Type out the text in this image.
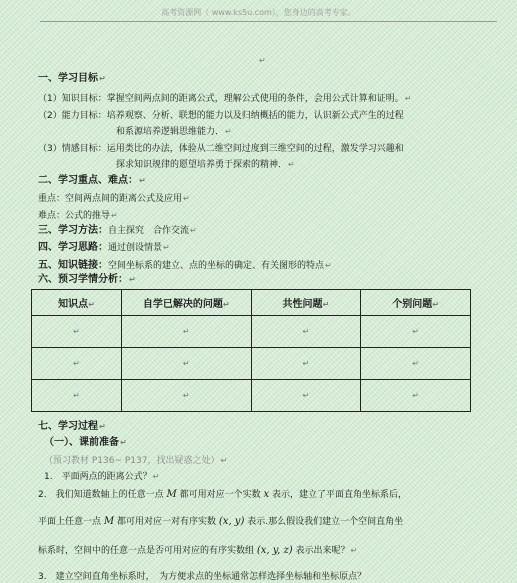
高考资源网（ www.ks5u.com），您身边的高考专家。
↵
一、学习目标↵
（1）知识目标：掌握空间两点间的距离公式，理解公式使用的条件，会用公式计算和证明。↵
（2）能力目标：培养观察、分析、联想的能力以及归纳概括的能力，认识新公式产生的过程
和系源培养逻辑思维能力．↵
（3）情感目标：运用类比的办法，体验从二维空间过度到三维空间的过程，激发学习兴趣和
探求知识规律的愿望培养勇于探索的精神．↵
二、学习重点、难点：↵
重点：空间两点间的距离公式及应用↵
难点：公式的推导↵
三、学习方法：自主探究　合作交流↵
四、学习思路：通过创设情景↵
五、知识链接：空间坐标系的建立、点的坐标的确定、有关图形的特点↵
六、预习学情分析：↵
知识点↵	自学已解决的问题↵	共性问题↵	个别问题↵
↵	↵	↵	↵
↵	↵	↵	↵
↵	↵	↵	↵
七、学习过程↵
（一）、课前准备↵
（预习教材 P136~ P137，找出疑惑之处）↵
1.　平面两点的距离公式？↵
2.　我们知道数轴上的任意一点 M 都可用对应一个实数 x 表示，建立了平面直角坐标系后，
平面上任意一点 M 都可用对应一对有序实数 (x, y) 表示.那么假设我们建立一个空间直角坐
标系时，空间中的任意一点是否可用对应的有序实数组 (x, y, z) 表示出来呢？↵
3.　建立空间直角坐标系时，　为方便求点的坐标通常怎样选择坐标轴和坐标原点？
